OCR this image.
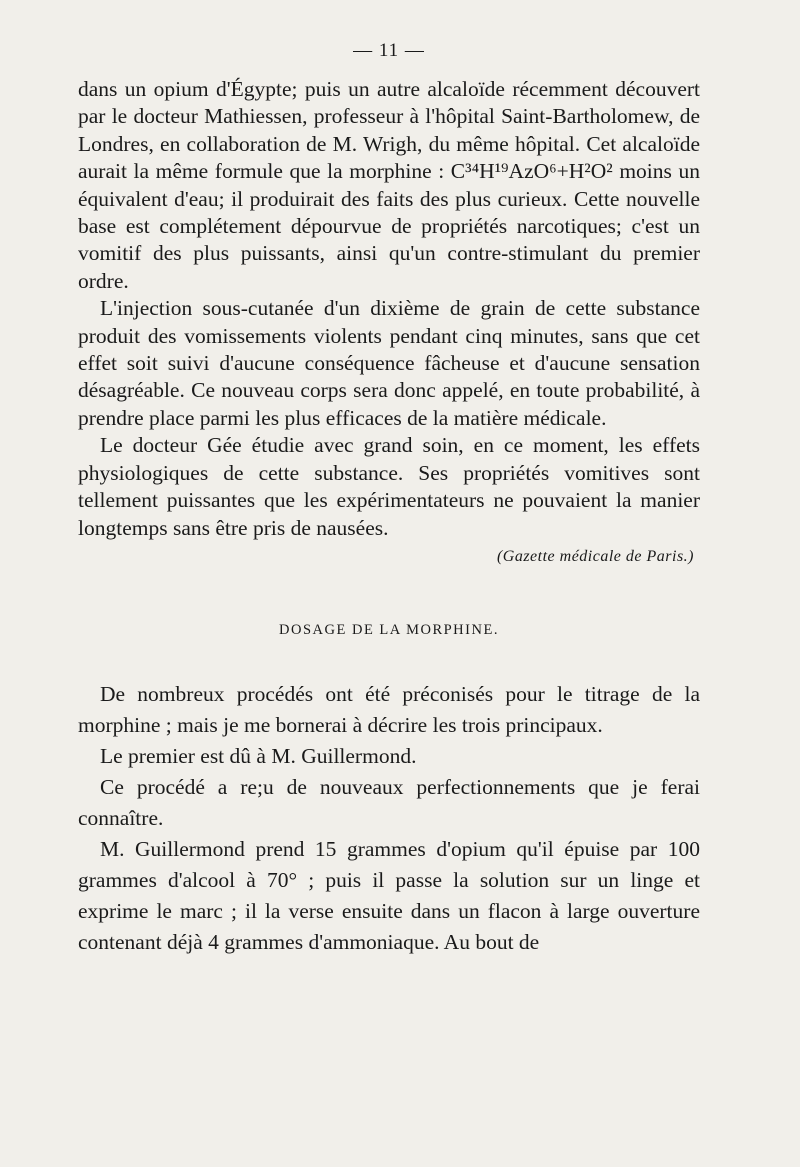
— 11 —

dans un opium d'Égypte; puis un autre alcaloïde récemment découvert par le docteur Mathiessen, professeur à l'hôpital Saint-Bartholomew, de Londres, en collaboration de M. Wrigh, du même hôpital. Cet alcaloïde aurait la même formule que la morphine : C³⁴H¹⁹AzO⁶+H²O² moins un équivalent d'eau; il produirait des faits des plus curieux. Cette nouvelle base est complétement dépourvue de propriétés narcotiques; c'est un vomitif des plus puissants, ainsi qu'un contre-stimulant du premier ordre.

L'injection sous-cutanée d'un dixième de grain de cette substance produit des vomissements violents pendant cinq minutes, sans que cet effet soit suivi d'aucune conséquence fâcheuse et d'aucune sensation désagréable. Ce nouveau corps sera donc appelé, en toute probabilité, à prendre place parmi les plus efficaces de la matière médicale.

Le docteur Gée étudie avec grand soin, en ce moment, les effets physiologiques de cette substance. Ses propriétés vomitives sont tellement puissantes que les expérimentateurs ne pouvaient la manier longtemps sans être pris de nausées.

(Gazette médicale de Paris.)
DOSAGE DE LA MORPHINE.

De nombreux procédés ont été préconisés pour le titrage de la morphine ; mais je me bornerai à décrire les trois principaux.

Le premier est dû à M. Guillermond.

Ce procédé a re;u de nouveaux perfectionnements que je ferai connaître.

M. Guillermond prend 15 grammes d'opium qu'il épuise par 100 grammes d'alcool à 70° ; puis il passe la solution sur un linge et exprime le marc ; il la verse ensuite dans un flacon à large ouverture contenant déjà 4 grammes d'ammoniaque. Au bout de
